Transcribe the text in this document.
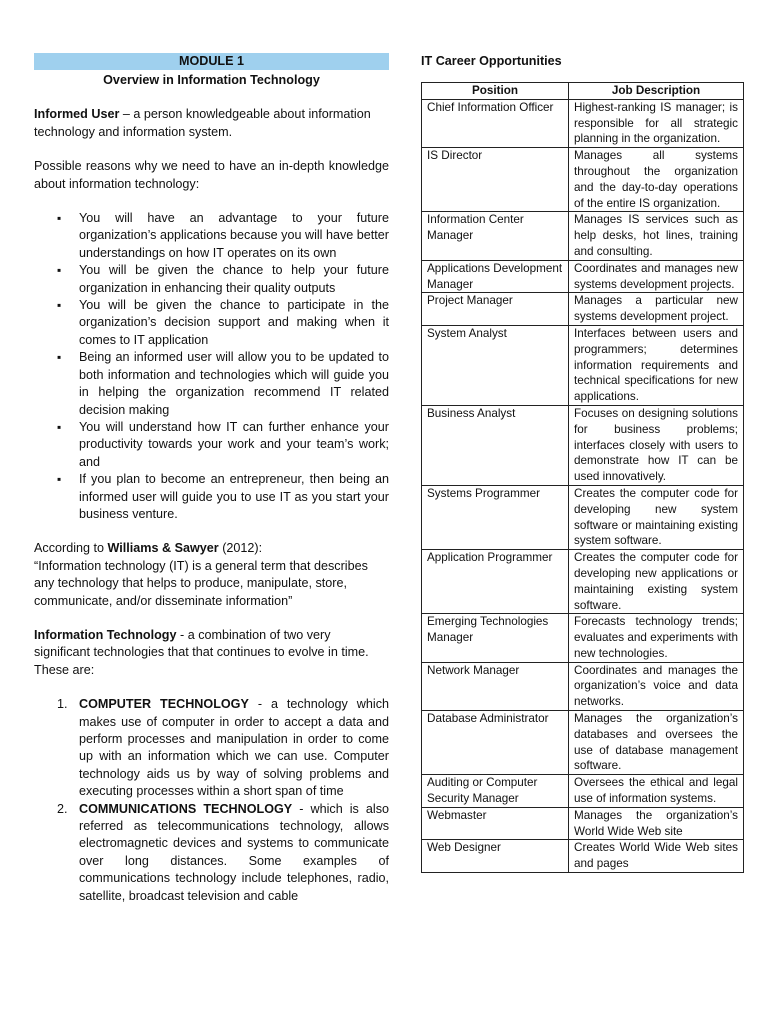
MODULE 1
Overview in Information Technology

Informed User – a person knowledgeable about information technology and information system.

Possible reasons why we need to have an in-depth knowledge about information technology:

▪ You will have an advantage to your future organization’s applications because you will have better understandings on how IT operates on its own
▪ You will be given the chance to help your future organization in enhancing their quality outputs
▪ You will be given the chance to participate in the organization’s decision support and making when it comes to IT application
▪ Being an informed user will allow you to be updated to both information and technologies which will guide you in helping the organization recommend IT related decision making
▪ You will understand how IT can further enhance your productivity towards your work and your team’s work; and
▪ If you plan to become an entrepreneur, then being an informed user will guide you to use IT as you start your business venture.

According to Williams & Sawyer (2012):

“Information technology (IT) is a general term that describes any technology that helps to produce, manipulate, store, communicate, and/or disseminate information”

Information Technology - a combination of two very significant technologies that that continues to evolve in time. These are:

1. COMPUTER TECHNOLOGY - a technology which makes use of computer in order to accept a data and perform processes and manipulation in order to come up with an information which we can use. Computer technology aids us by way of solving problems and executing processes within a short span of time
2. COMMUNICATIONS TECHNOLOGY - which is also referred as telecommunications technology, allows electromagnetic devices and systems to communicate over long distances. Some examples of communications technology include telephones, radio, satellite, broadcast television and cable
IT Career Opportunities
Position	Job Description
Chief Information Officer	Highest-ranking IS manager; is responsible for all strategic planning in the organization.
IS Director	Manages all systems throughout the organization and the day-to-day operations of the entire IS organization.
Information Center Manager	Manages IS services such as help desks, hot lines, training and consulting.
Applications Development Manager	Coordinates and manages new systems development projects.
Project Manager	Manages a particular new systems development project.
System Analyst	Interfaces between users and programmers; determines information requirements and technical specifications for new applications.
Business Analyst	Focuses on designing solutions for business problems; interfaces closely with users to demonstrate how IT can be used innovatively.
Systems Programmer	Creates the computer code for developing new system software or maintaining existing system software.
Application Programmer	Creates the computer code for developing new applications or maintaining existing system software.
Emerging Technologies Manager	Forecasts technology trends; evaluates and experiments with new technologies.
Network Manager	Coordinates and manages the organization’s voice and data networks.
Database Administrator	Manages the organization’s databases and oversees the use of database management software.
Auditing or Computer Security Manager	Oversees the ethical and legal use of information systems.
Webmaster	Manages the organization’s World Wide Web site
Web Designer	Creates World Wide Web sites and pages
